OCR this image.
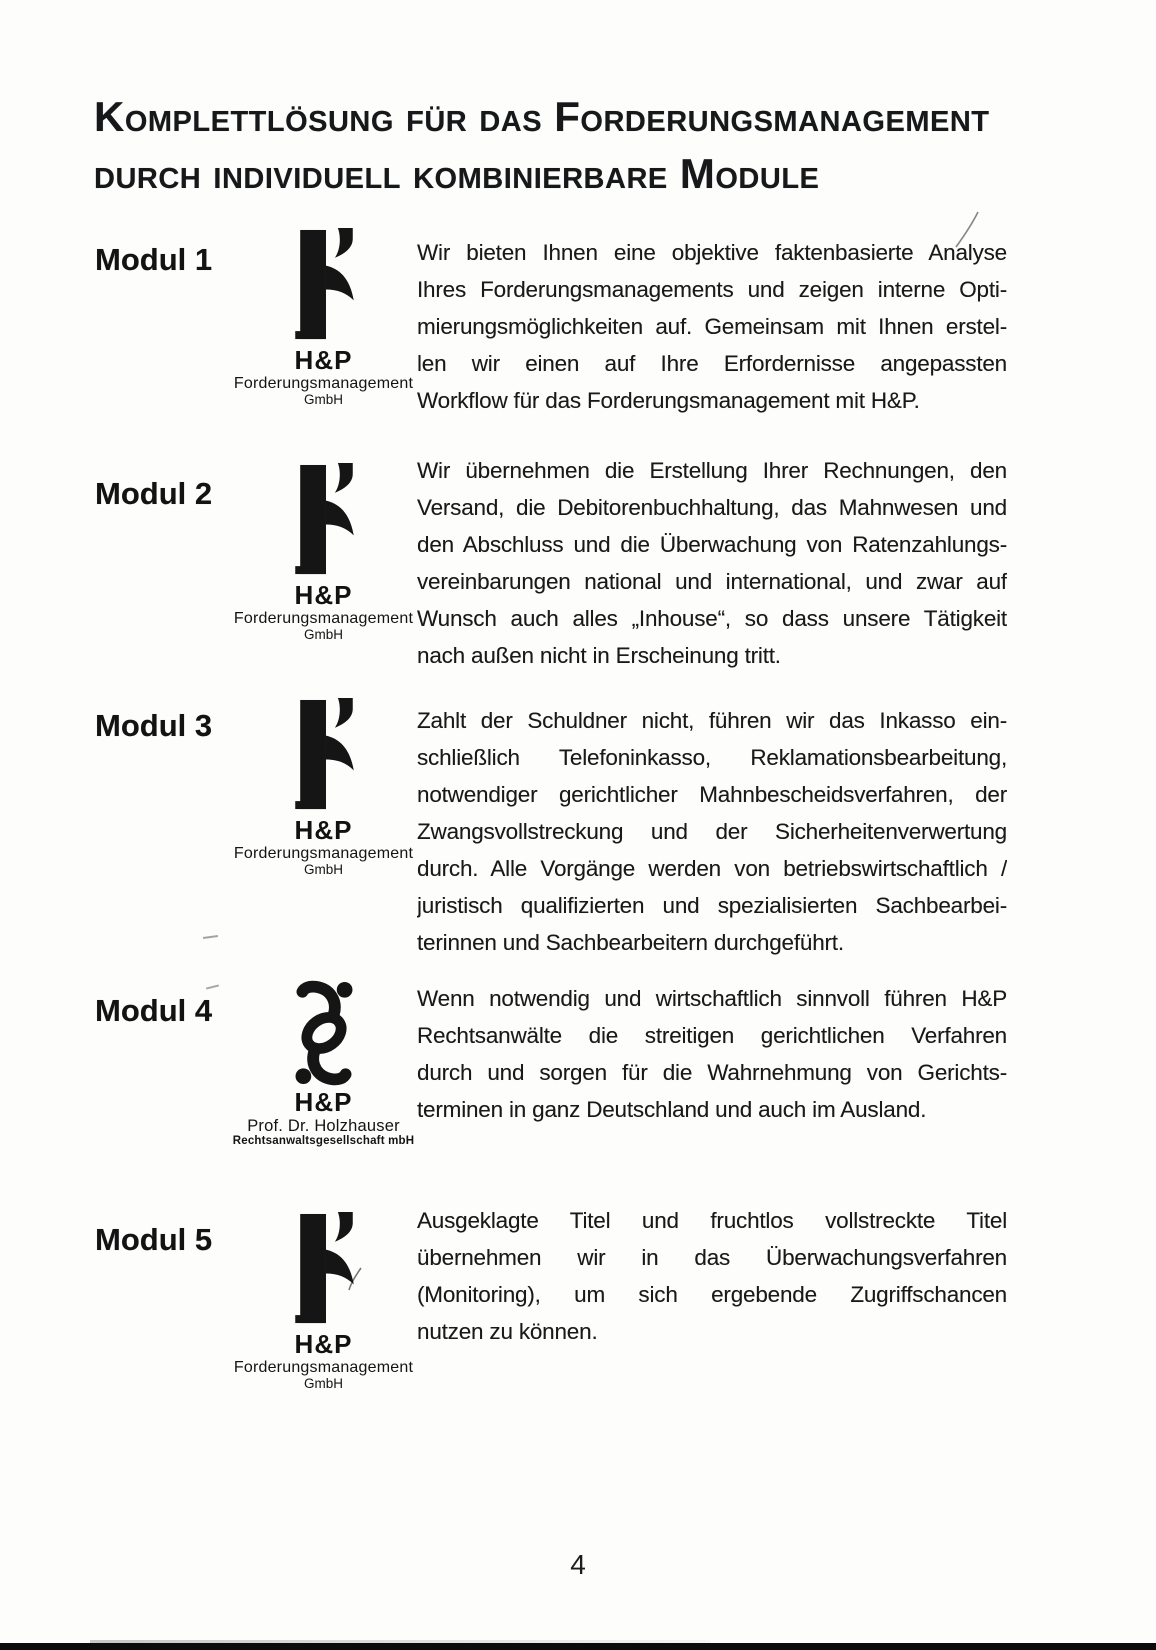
Komplettlösung für das Forderungsmanagement
durch individuell kombinierbare Module
Modul 1
H&P
Forderungsmanagement
GmbH
Wir bieten Ihnen eine objektive faktenbasierte Analyse
Ihres Forderungsmanagements und zeigen interne Opti-
mierungsmöglichkeiten auf. Gemeinsam mit Ihnen erstel-
len wir einen auf Ihre Erfordernisse angepassten
Workflow für das Forderungsmanagement mit H&P.
Modul 2
H&P
Forderungsmanagement
GmbH
Wir übernehmen die Erstellung Ihrer Rechnungen, den
Versand, die Debitorenbuchhaltung, das Mahnwesen und
den Abschluss und die Überwachung von Ratenzahlungs-
vereinbarungen national und international, und zwar auf
Wunsch auch alles „Inhouse“, so dass unsere Tätigkeit
nach außen nicht in Erscheinung tritt.
Modul 3
H&P
Forderungsmanagement
GmbH
Zahlt der Schuldner nicht, führen wir das Inkasso ein-
schließlich Telefoninkasso, Reklamationsbearbeitung,
notwendiger gerichtlicher Mahnbescheidsverfahren, der
Zwangsvollstreckung und der Sicherheitenverwertung
durch. Alle Vorgänge werden von betriebswirtschaftlich /
juristisch qualifizierten und spezialisierten Sachbearbei-
terinnen und Sachbearbeitern durchgeführt.
Modul 4
H&P
Prof. Dr. Holzhauser
Rechtsanwaltsgesellschaft mbH
Wenn notwendig und wirtschaftlich sinnvoll führen H&P
Rechtsanwälte die streitigen gerichtlichen Verfahren
durch und sorgen für die Wahrnehmung von Gerichts-
terminen in ganz Deutschland und auch im Ausland.
Modul 5
H&P
Forderungsmanagement
GmbH
Ausgeklagte Titel und fruchtlos vollstreckte Titel
übernehmen wir in das Überwachungsverfahren
(Monitoring), um sich ergebende Zugriffschancen
nutzen zu können.
4
